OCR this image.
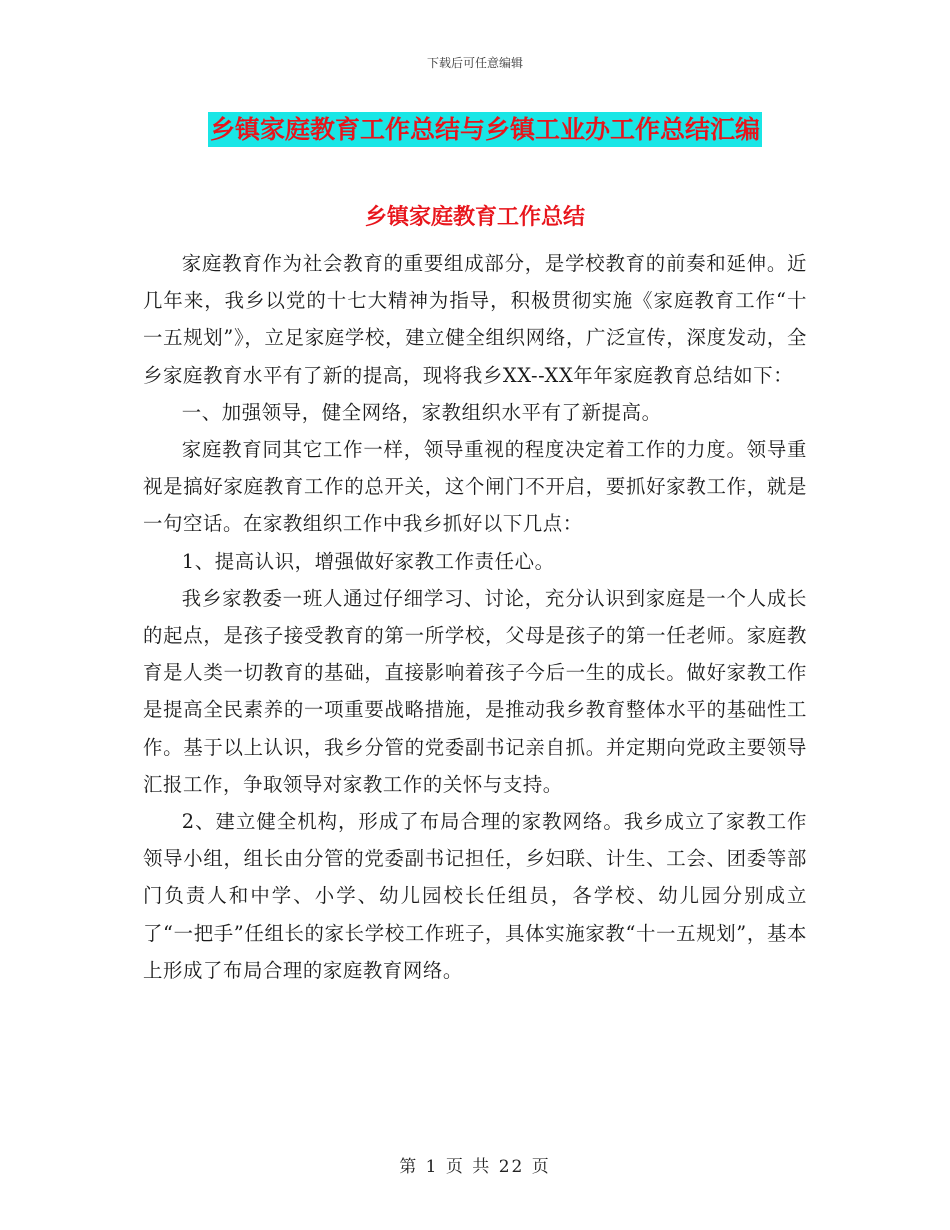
下载后可任意编辑
乡镇家庭教育工作总结与乡镇工业办工作总结汇编
乡镇家庭教育工作总结

家庭教育作为社会教育的重要组成部分，是学校教育的前奏和延伸。近几年来，我乡以党的十七大精神为指导，积极贯彻实施《家庭教育工作“十一五规划”》，立足家庭学校，建立健全组织网络，广泛宣传，深度发动，全乡家庭教育水平有了新的提高，现将我乡XX--XX年年家庭教育总结如下：

一、加强领导，健全网络，家教组织水平有了新提高。

家庭教育同其它工作一样，领导重视的程度决定着工作的力度。领导重视是搞好家庭教育工作的总开关，这个闸门不开启，要抓好家教工作，就是一句空话。在家教组织工作中我乡抓好以下几点：

1、提高认识，增强做好家教工作责任心。

我乡家教委一班人通过仔细学习、讨论，充分认识到家庭是一个人成长的起点，是孩子接受教育的第一所学校，父母是孩子的第一任老师。家庭教育是人类一切教育的基础，直接影响着孩子今后一生的成长。做好家教工作是提高全民素养的一项重要战略措施，是推动我乡教育整体水平的基础性工作。基于以上认识，我乡分管的党委副书记亲自抓。并定期向党政主要领导汇报工作，争取领导对家教工作的关怀与支持。

2、建立健全机构，形成了布局合理的家教网络。我乡成立了家教工作领导小组，组长由分管的党委副书记担任，乡妇联、计生、工会、团委等部门负责人和中学、小学、幼儿园校长任组员，各学校、幼儿园分别成立了“一把手”任组长的家长学校工作班子，具体实施家教“十一五规划”，基本上形成了布局合理的家庭教育网络。

第 1 页 共 22 页
